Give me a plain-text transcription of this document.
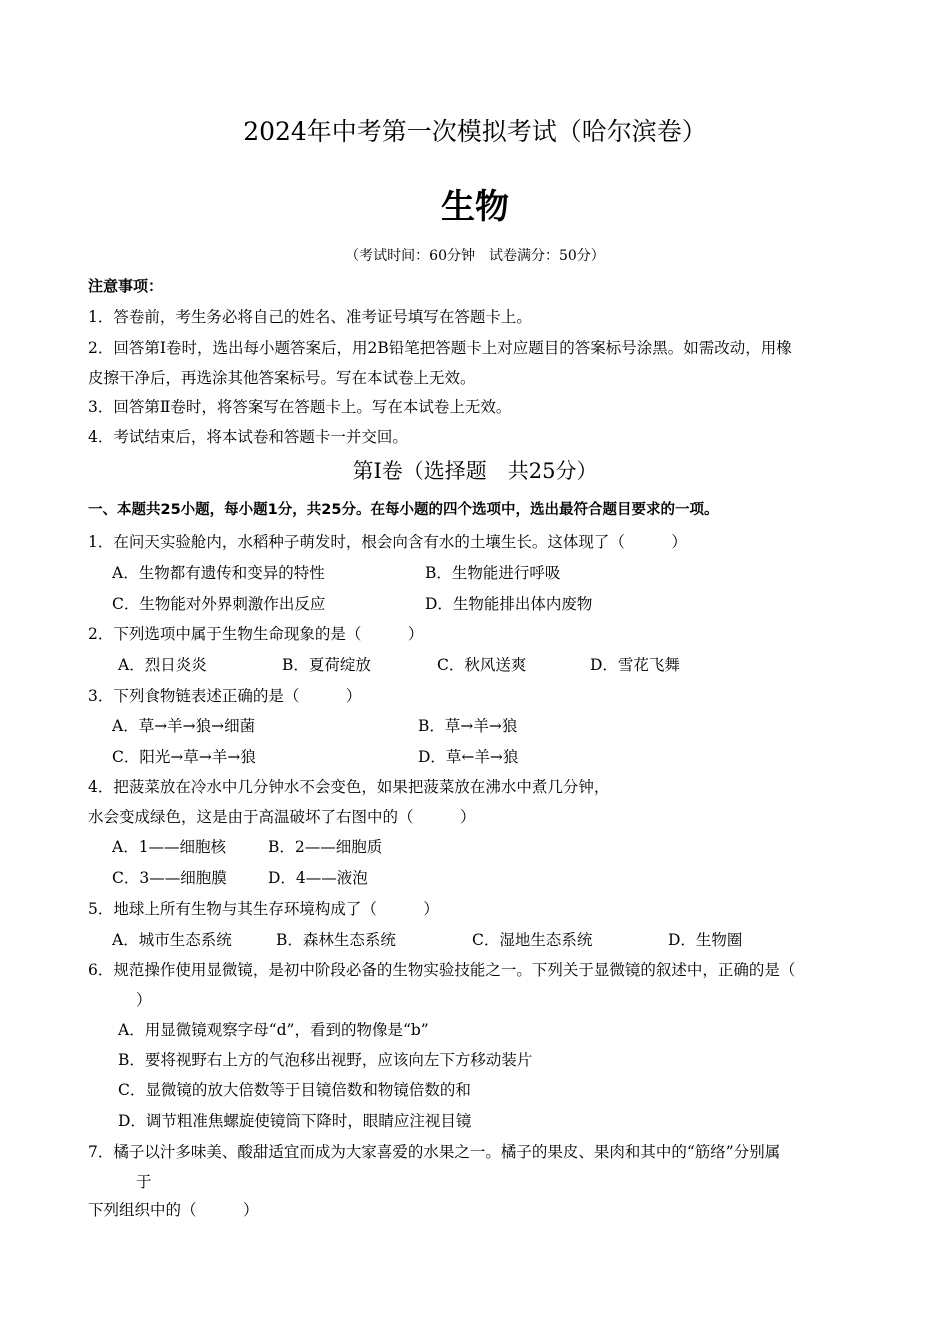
2024年中考第一次模拟考试（哈尔滨卷）
生物
（考试时间：60分钟　试卷满分：50分）
注意事项：
1．答卷前，考生务必将自己的姓名、准考证号填写在答题卡上。
2．回答第Ⅰ卷时，选出每小题答案后，用2B铅笔把答题卡上对应题目的答案标号涂黑。如需改动，用橡
皮擦干净后，再选涂其他答案标号。写在本试卷上无效。
3．回答第Ⅱ卷时，将答案写在答题卡上。写在本试卷上无效。
4．考试结束后，将本试卷和答题卡一并交回。
第Ⅰ卷（选择题　共25分）
一、本题共25小题，每小题1分，共25分。在每小题的四个选项中，选出最符合题目要求的一项。
1．在问天实验舱内，水稻种子萌发时，根会向含有水的土壤生长。这体现了（　　　）
A．生物都有遗传和变异的特性	B．生物能进行呼吸
C．生物能对外界刺激作出反应	D．生物能排出体内废物
2．下列选项中属于生物生命现象的是（　　　）
A．烈日炎炎	B．夏荷绽放	C．秋风送爽	D．雪花飞舞
3．下列食物链表述正确的是（　　　）
A．草→羊→狼→细菌	B．草→羊→狼
C．阳光→草→羊→狼	D．草←羊→狼
4．把菠菜放在冷水中几分钟水不会变色，如果把菠菜放在沸水中煮几分钟，
水会变成绿色，这是由于高温破坏了右图中的（　　　）
A．1——细胞核	B．2——细胞质
C．3——细胞膜	D．4——液泡
5．地球上所有生物与其生存环境构成了（　　　）
A．城市生态系统	B．森林生态系统	C．湿地生态系统	D．生物圈
6．规范操作使用显微镜，是初中阶段必备的生物实验技能之一。下列关于显微镜的叙述中，正确的是（
）
A．用显微镜观察字母“d”，看到的物像是“b”
B．要将视野右上方的气泡移出视野，应该向左下方移动装片
C．显微镜的放大倍数等于目镜倍数和物镜倍数的和
D．调节粗准焦螺旋使镜筒下降时，眼睛应注视目镜
7．橘子以汁多味美、酸甜适宜而成为大家喜爱的水果之一。橘子的果皮、果肉和其中的“筋络”分别属
于
下列组织中的（　　　）
